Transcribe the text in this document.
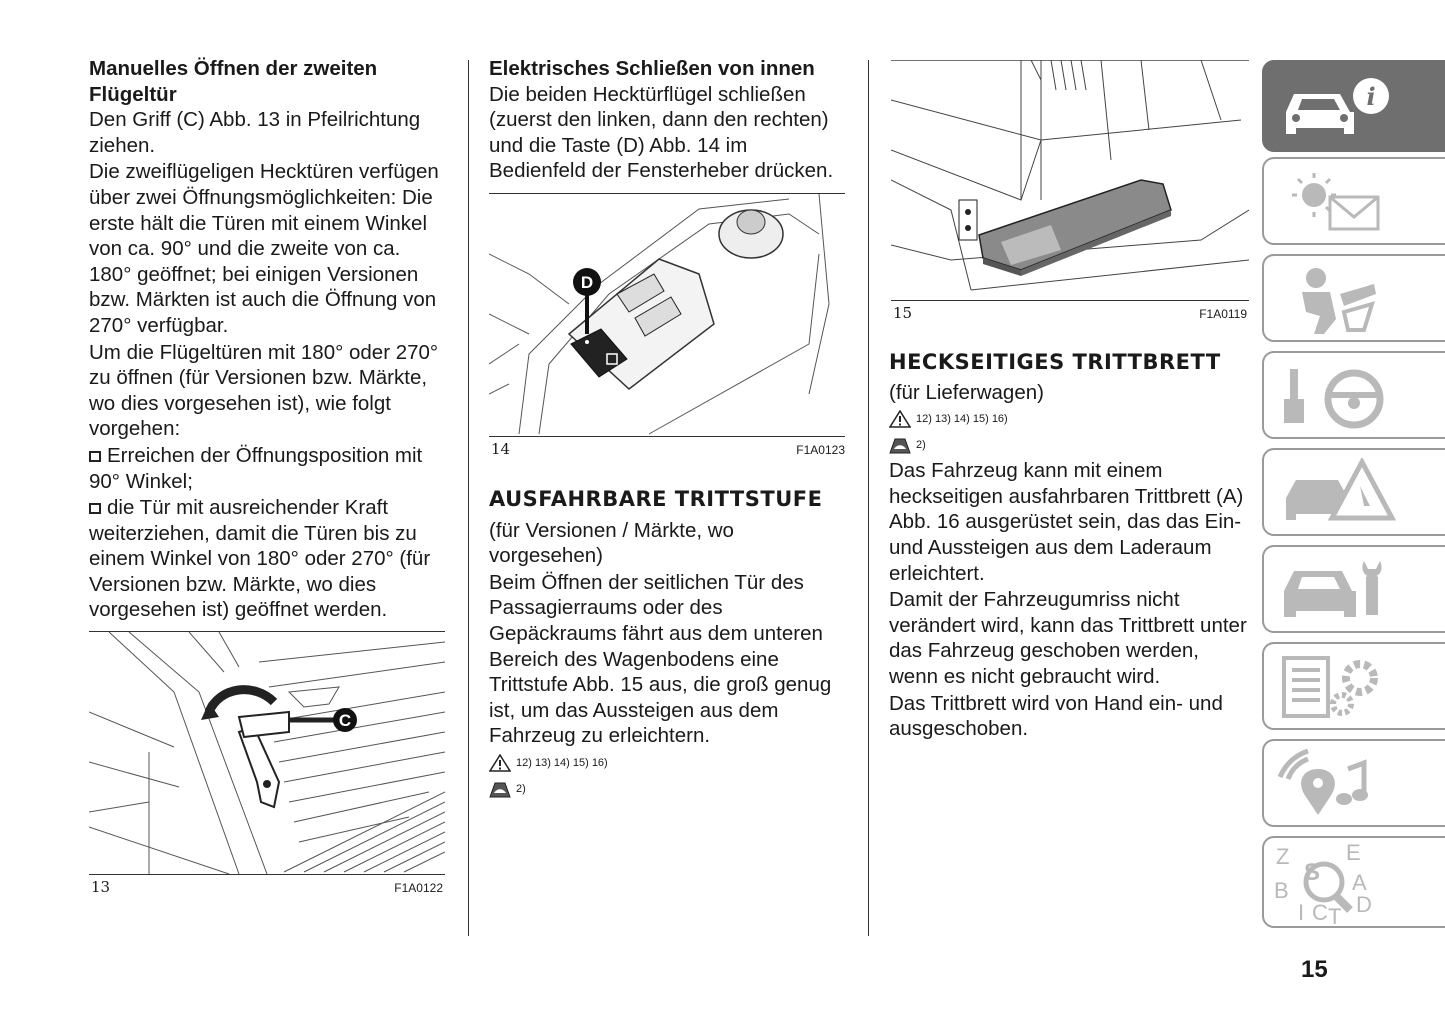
Manuelles Öffnen der zweiten Flügeltür

Den Griff (C) Abb. 13 in Pfeilrichtung ziehen.

Die zweiflügeligen Hecktüren verfügen über zwei Öffnungsmöglichkeiten: Die erste hält die Türen mit einem Winkel von ca. 90° und die zweite von ca. 180° geöffnet; bei einigen Versionen bzw. Märkten ist auch die Öffnung von 270° verfügbar.

Um die Flügeltüren mit 180° oder 270° zu öffnen (für Versionen bzw. Märkte, wo dies vorgesehen ist), wie folgt vorgehen:

Erreichen der Öffnungsposition mit 90° Winkel;

die Tür mit ausreichender Kraft weiterziehen, damit die Türen bis zu einem Winkel von 180° oder 270° (für Versionen bzw. Märkte, wo dies vorgesehen ist) geöffnet werden.

C
13	F1A0122
Elektrisches Schließen von innen

Die beiden Hecktürflügel schließen (zuerst den linken, dann den rechten) und die Taste (D) Abb. 14 im Bedienfeld der Fensterheber drücken.

D
14	F1A0123
AUSFAHRBARE TRITTSTUFE

(für Versionen / Märkte, wo vorgesehen)

Beim Öffnen der seitlichen Tür des Passagierraums oder des Gepäckraums fährt aus dem unteren Bereich des Wagenbodens eine Trittstufe Abb. 15 aus, die groß genug ist, um das Aussteigen aus dem Fahrzeug zu erleichtern.

12) 13) 14) 15) 16)
2)
15	F1A0119
HECKSEITIGES TRITTBRETT

(für Lieferwagen)

12) 13) 14) 15) 16)
2)

Das Fahrzeug kann mit einem heckseitigen ausfahrbaren Trittbrett (A) Abb. 16 ausgerüstet sein, das das Ein- und Aussteigen aus dem Laderaum erleichtert.

Damit der Fahrzeugumriss nicht verändert wird, kann das Trittbrett unter das Fahrzeug geschoben werden, wenn es nicht gebraucht wird.

Das Trittbrett wird von Hand ein- und ausgeschoben.

i
Z	E
A
B
I C T D
S
15
